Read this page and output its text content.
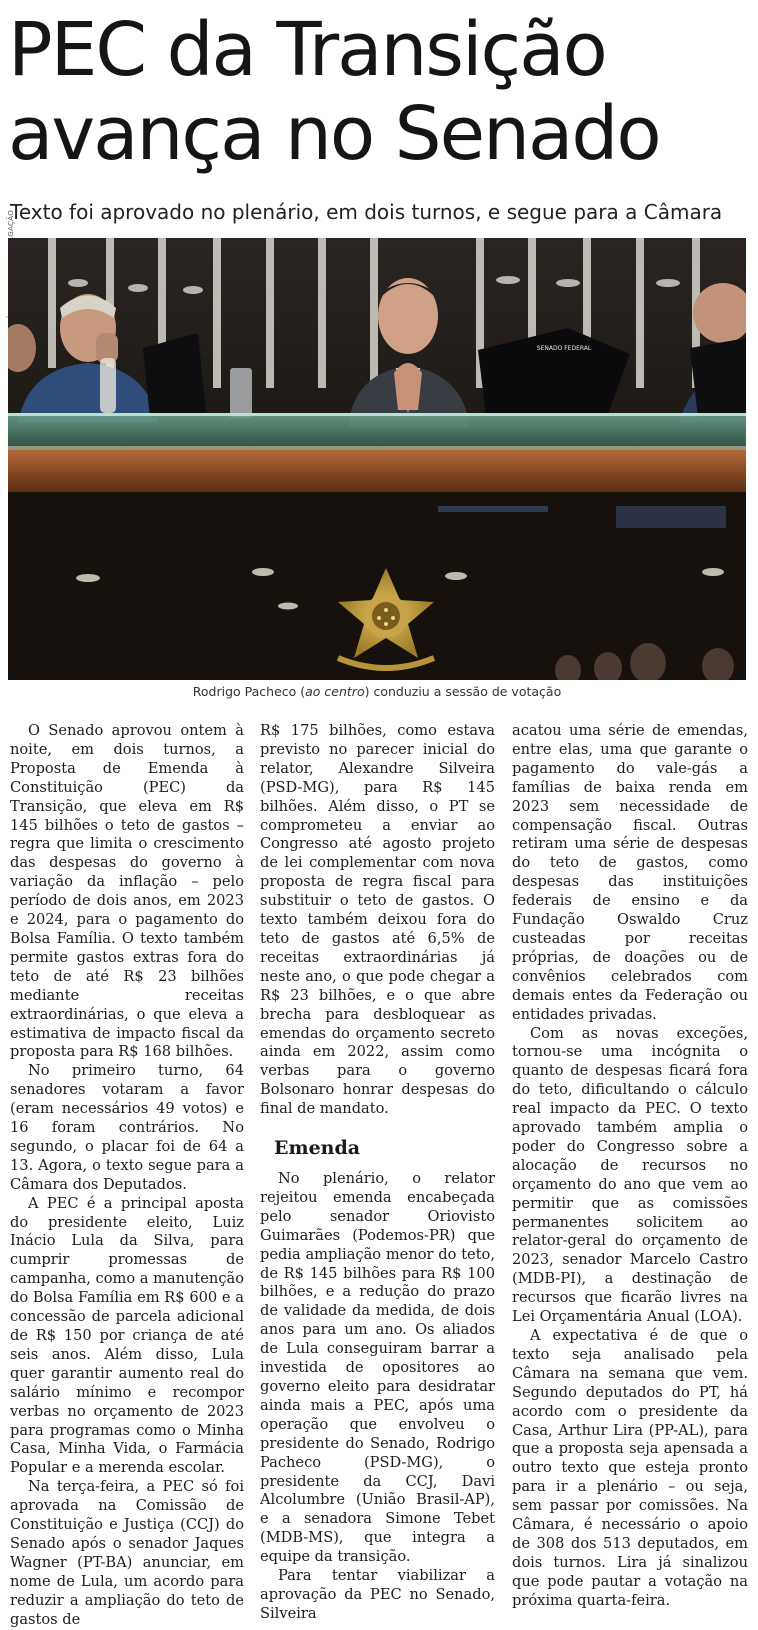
PEC da Transição avança no Senado

Texto foi aprovado no plenário, em dois turnos, e segue para a Câmara

SENADO FEDERAL
Rodrigo Pacheco (ao centro) conduziu a sessão de votação

O Senado aprovou ontem à noite, em dois turnos, a Proposta de Emenda à Constituição (PEC) da Transição, que eleva em R$ 145 bilhões o teto de gastos – regra que limita o crescimento das despesas do governo à variação da inflação – pelo período de dois anos, em 2023 e 2024, para o pagamento do Bolsa Família. O texto também permite gastos extras fora do teto de até R$ 23 bilhões mediante receitas extraordinárias, o que eleva a estimativa de impacto fiscal da proposta para R$ 168 bilhões.

No primeiro turno, 64 senadores votaram a favor (eram necessários 49 votos) e 16 foram contrários. No segundo, o placar foi de 64 a 13. Agora, o texto segue para a Câmara dos Deputados.

A PEC é a principal aposta do presidente eleito, Luiz Inácio Lula da Silva, para cumprir promessas de campanha, como a manutenção do Bolsa Família em R$ 600 e a concessão de parcela adicional de R$ 150 por criança de até seis anos. Além disso, Lula quer garantir aumento real do salário mínimo e recompor verbas no orçamento de 2023 para programas como o Minha Casa, Minha Vida, o Farmácia Popular e a merenda escolar.

Na terça-feira, a PEC só foi aprovada na Comissão de Constituição e Justiça (CCJ) do Senado após o senador Jaques Wagner (PT-BA) anunciar, em nome de Lula, um acordo para reduzir a ampliação do teto de gastos de

R$ 175 bilhões, como estava previsto no parecer inicial do relator, Alexandre Silveira (PSD-MG), para R$ 145 bilhões. Além disso, o PT se comprometeu a enviar ao Congresso até agosto projeto de lei complementar com nova proposta de regra fiscal para substituir o teto de gastos. O texto também deixou fora do teto de gastos até 6,5% de receitas extraordinárias já neste ano, o que pode chegar a R$ 23 bilhões, e o que abre brecha para desbloquear as emendas do orçamento secreto ainda em 2022, assim como verbas para o governo Bolsonaro honrar despesas do final de mandato.

Emenda

No plenário, o relator rejeitou emenda encabeçada pelo senador Oriovisto Guimarães (Podemos-PR) que pedia ampliação menor do teto, de R$ 145 bilhões para R$ 100 bilhões, e a redução do prazo de validade da medida, de dois anos para um ano. Os aliados de Lula conseguiram barrar a investida de opositores ao governo eleito para desidratar ainda mais a PEC, após uma operação que envolveu o presidente do Senado, Rodrigo Pacheco (PSD-MG), o presidente da CCJ, Davi Alcolumbre (União Brasil-AP), e a senadora Simone Tebet (MDB-MS), que integra a equipe da transição.

Para tentar viabilizar a aprovação da PEC no Senado, Silveira

acatou uma série de emendas, entre elas, uma que garante o pagamento do vale-gás a famílias de baixa renda em 2023 sem necessidade de compensação fiscal. Outras retiram uma série de despesas do teto de gastos, como despesas das instituições federais de ensino e da Fundação Oswaldo Cruz custeadas por receitas próprias, de doações ou de convênios celebrados com demais entes da Federação ou entidades privadas.

Com as novas exceções, tornou-se uma incógnita o quanto de despesas ficará fora do teto, dificultando o cálculo real impacto da PEC. O texto aprovado também amplia o poder do Congresso sobre a alocação de recursos no orçamento do ano que vem ao permitir que as comissões permanentes solicitem ao relator-geral do orçamento de 2023, senador Marcelo Castro (MDB-PI), a destinação de recursos que ficarão livres na Lei Orçamentária Anual (LOA).

A expectativa é de que o texto seja analisado pela Câmara na semana que vem. Segundo deputados do PT, há acordo com o presidente da Casa, Arthur Lira (PP-AL), para que a proposta seja apensada a outro texto que esteja pronto para ir a plenário – ou seja, sem passar por comissões. Na Câmara, é necessário o apoio de 308 dos 513 deputados, em dois turnos. Lira já sinalizou que pode pautar a votação na próxima quarta-feira.
